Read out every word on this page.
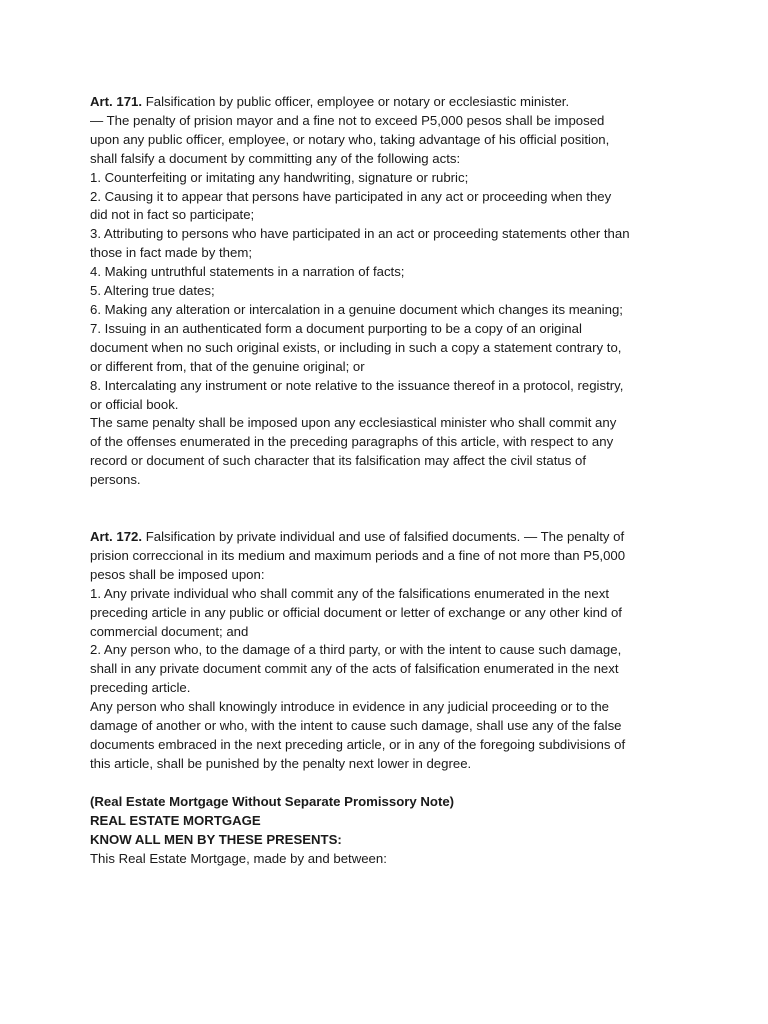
Art. 171. Falsification by public officer, employee or notary or ecclesiastic minister.

— The penalty of prision mayor and a fine not to exceed P5,000 pesos shall be imposed upon any public officer, employee, or notary who, taking advantage of his official position, shall falsify a document by committing any of the following acts:

1. Counterfeiting or imitating any handwriting, signature or rubric;

2. Causing it to appear that persons have participated in any act or proceeding when they did not in fact so participate;

3. Attributing to persons who have participated in an act or proceeding statements other than those in fact made by them;

4. Making untruthful statements in a narration of facts;

5. Altering true dates;

6. Making any alteration or intercalation in a genuine document which changes its meaning;

7. Issuing in an authenticated form a document purporting to be a copy of an original document when no such original exists, or including in such a copy a statement contrary to, or different from, that of the genuine original; or

8. Intercalating any instrument or note relative to the issuance thereof in a protocol, registry, or official book.

The same penalty shall be imposed upon any ecclesiastical minister who shall commit any of the offenses enumerated in the preceding paragraphs of this article, with respect to any record or document of such character that its falsification may affect the civil status of persons.

Art. 172. Falsification by private individual and use of falsified documents. — The penalty of prision correccional in its medium and maximum periods and a fine of not more than P5,000 pesos shall be imposed upon:

1. Any private individual who shall commit any of the falsifications enumerated in the next preceding article in any public or official document or letter of exchange or any other kind of commercial document; and

2. Any person who, to the damage of a third party, or with the intent to cause such damage, shall in any private document commit any of the acts of falsification enumerated in the next preceding article.

Any person who shall knowingly introduce in evidence in any judicial proceeding or to the damage of another or who, with the intent to cause such damage, shall use any of the false documents embraced in the next preceding article, or in any of the foregoing subdivisions of this article, shall be punished by the penalty next lower in degree.

(Real Estate Mortgage Without Separate Promissory Note)

REAL ESTATE MORTGAGE

KNOW ALL MEN BY THESE PRESENTS:

This Real Estate Mortgage, made by and between:
